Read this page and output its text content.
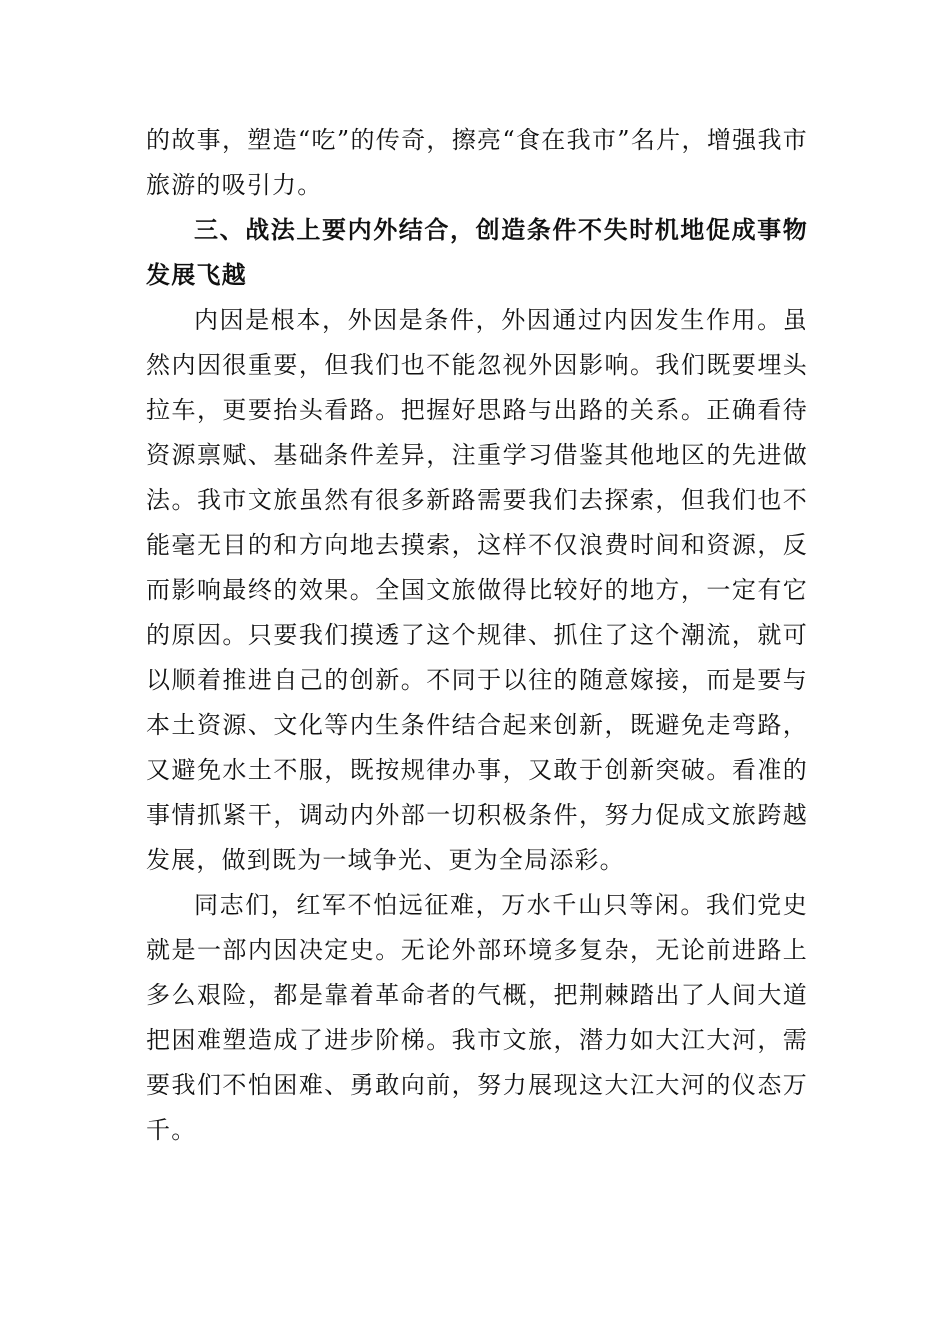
的故事，塑造“吃”的传奇，擦亮“食在我市”名片，增强我市旅游的吸引力。

三、战法上要内外结合，创造条件不失时机地促成事物发展飞越

内因是根本，外因是条件，外因通过内因发生作用。虽然内因很重要，但我们也不能忽视外因影响。我们既要埋头拉车，更要抬头看路。把握好思路与出路的关系。正确看待资源禀赋、基础条件差异，注重学习借鉴其他地区的先进做法。我市文旅虽然有很多新路需要我们去探索，但我们也不能毫无目的和方向地去摸索，这样不仅浪费时间和资源，反而影响最终的效果。全国文旅做得比较好的地方，一定有它的原因。只要我们摸透了这个规律、抓住了这个潮流，就可以顺着推进自己的创新。不同于以往的随意嫁接，而是要与本土资源、文化等内生条件结合起来创新，既避免走弯路，又避免水土不服，既按规律办事，又敢于创新突破。看准的事情抓紧干，调动内外部一切积极条件，努力促成文旅跨越发展，做到既为一域争光、更为全局添彩。

同志们，红军不怕远征难，万水千山只等闲。我们党史就是一部内因决定史。无论外部环境多复杂，无论前进路上多么艰险，都是靠着革命者的气概，把荆棘踏出了人间大道把困难塑造成了进步阶梯。我市文旅，潜力如大江大河，需要我们不怕困难、勇敢向前，努力展现这大江大河的仪态万千。
